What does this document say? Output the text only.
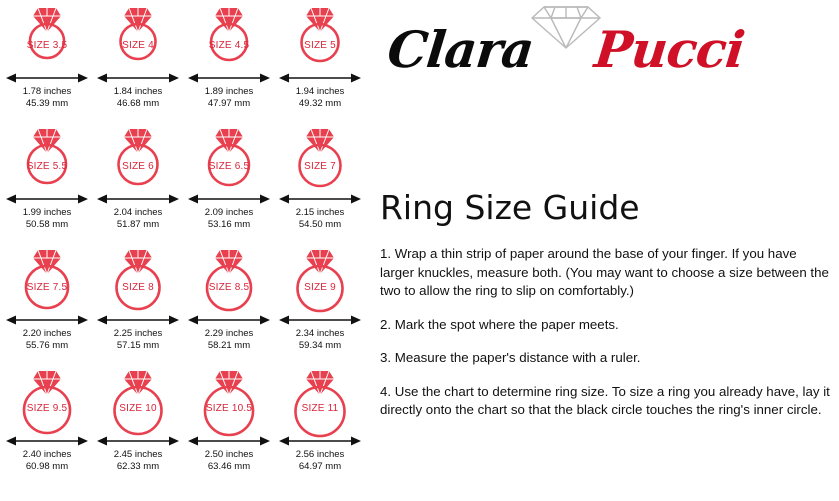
SIZE 3.5
1.78 inches
45.39 mm
SIZE 4
1.84 inches
46.68 mm
SIZE 4.5
1.89 inches
47.97 mm
SIZE 5
1.94 inches
49.32 mm
SIZE 5.5
1.99 inches
50.58 mm
SIZE 6
2.04 inches
51.87 mm
SIZE 6.5
2.09 inches
53.16 mm
SIZE 7
2.15 inches
54.50 mm
SIZE 7.5
2.20 inches
55.76 mm
SIZE 8
2.25 inches
57.15 mm
SIZE 8.5
2.29 inches
58.21 mm
SIZE 9
2.34 inches
59.34 mm
SIZE 9.5
2.40 inches
60.98 mm
SIZE 10
2.45 inches
62.33 mm
SIZE 10.5
2.50 inches
63.46 mm
SIZE 11
2.56 inches
64.97 mm
Clara Pucci
Ring Size Guide
1. Wrap a thin strip of paper around the base of your finger. If you have larger knuckles, measure both. (You may want to choose a size between the two to allow the ring to slip on comfortably.)
2. Mark the spot where the paper meets.
3. Measure the paper's distance with a ruler.
4. Use the chart to determine ring size. To size a ring you already have, lay it directly onto the chart so that the black circle touches the ring's inner circle.
